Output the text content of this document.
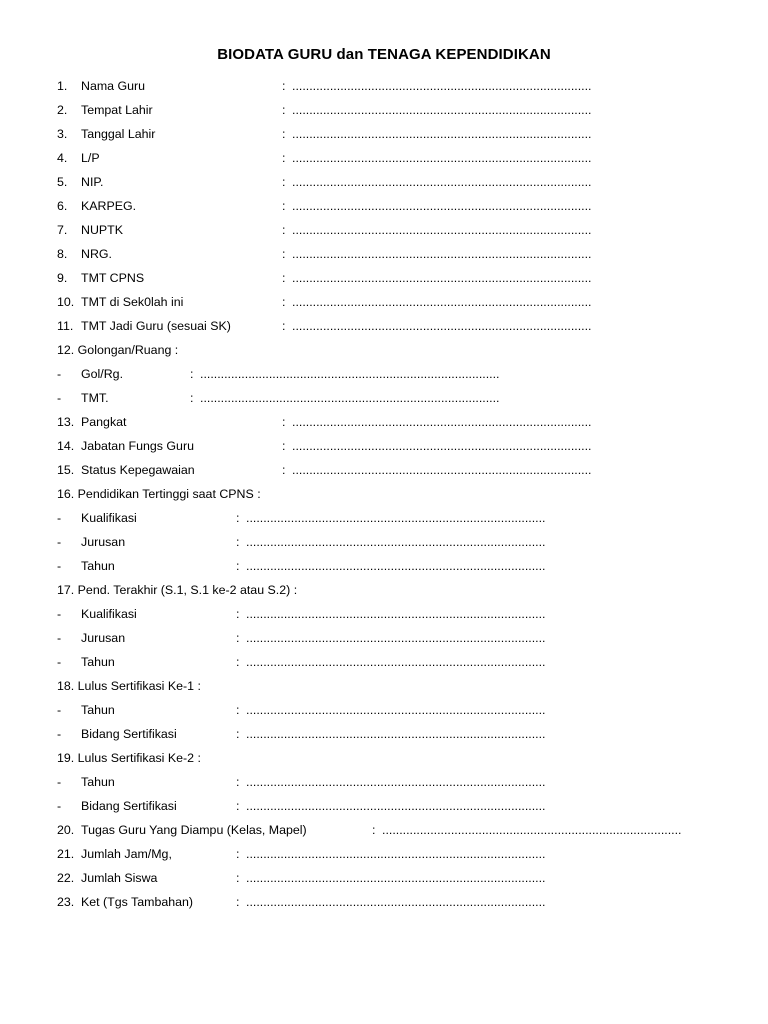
BIODATA GURU dan TENAGA KEPENDIDIKAN
1. Nama Guru	: .......................................................................................
2. Tempat Lahir	: .......................................................................................
3. Tanggal Lahir	: .......................................................................................
4. L/P	: .......................................................................................
5. NIP.	: .......................................................................................
6. KARPEG.	: .......................................................................................
7. NUPTK	: .......................................................................................
8. NRG.	: .......................................................................................
9. TMT CPNS	: .......................................................................................
10. TMT di Sek0lah ini	: .......................................................................................
11. TMT Jadi Guru (sesuai SK)	: .......................................................................................
12. Golongan/Ruang :
- Gol/Rg.	: .......................................................................................
- TMT.	: .......................................................................................
13. Pangkat	: .......................................................................................
14. Jabatan Fungs Guru	: .......................................................................................
15. Status Kepegawaian	: .......................................................................................
16. Pendidikan Tertinggi saat CPNS :
- Kualifikasi	: .......................................................................................
- Jurusan	: .......................................................................................
- Tahun	: .......................................................................................
17. Pend. Terakhir (S.1, S.1 ke-2 atau S.2) :
- Kualifikasi	: .......................................................................................
- Jurusan	: .......................................................................................
- Tahun	: .......................................................................................
18. Lulus Sertifikasi Ke-1 :
- Tahun	: .......................................................................................
- Bidang Sertifikasi	: .......................................................................................
19. Lulus Sertifikasi Ke-2 :
- Tahun	: .......................................................................................
- Bidang Sertifikasi	: .......................................................................................
20. Tugas Guru Yang Diampu (Kelas, Mapel)	: .......................................................................................
21. Jumlah Jam/Mg,	: .......................................................................................
22. Jumlah Siswa	: .......................................................................................
23. Ket (Tgs Tambahan)	: .......................................................................................
